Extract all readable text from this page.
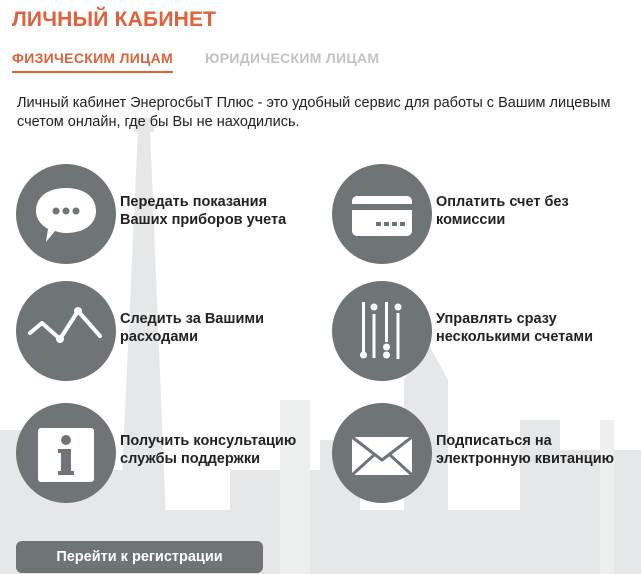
ЛИЧНЫЙ КАБИНЕТ
ФИЗИЧЕСКИМ ЛИЦАМ ЮРИДИЧЕСКИМ ЛИЦАМ
Личный кабинет ЭнергосбыТ Плюс - это удобный сервис для работы с Вашим лицевым счетом онлайн, где бы Вы не находились.
Передать показания
Ваших приборов учета
Оплатить счет без
комиссии
Следить за Вашими
расходами
Управлять сразу
несколькими счетами
Получить консультацию
службы поддержки
Подписаться на
электронную квитанцию
Перейти к регистрации
